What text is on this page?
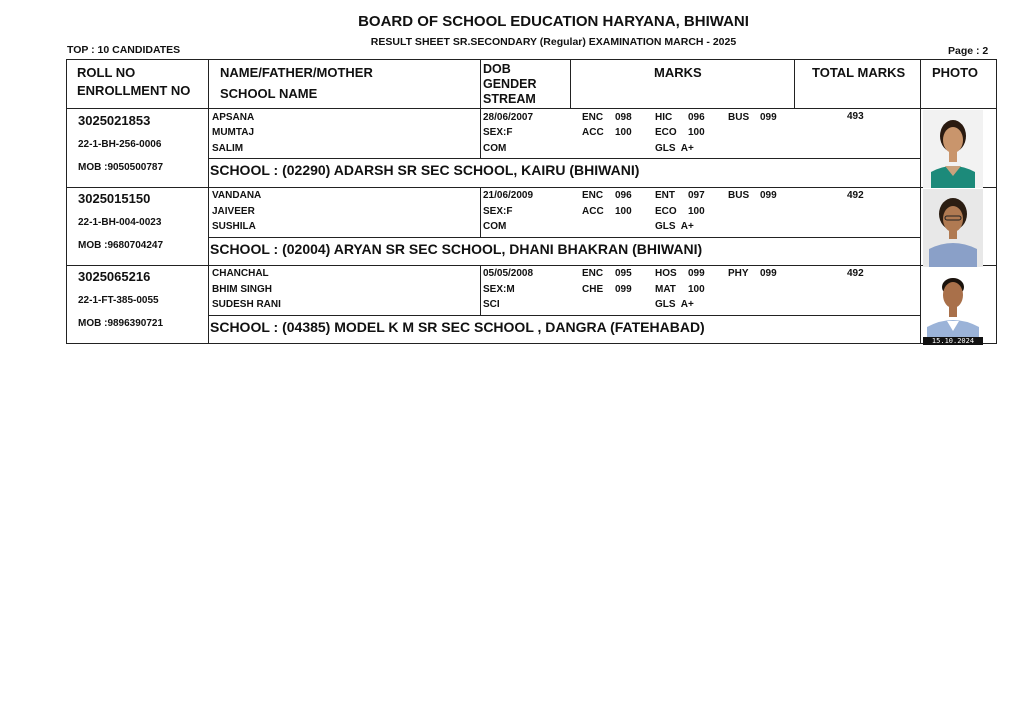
BOARD OF SCHOOL EDUCATION HARYANA, BHIWANI
RESULT SHEET SR.SECONDARY (Regular) EXAMINATION MARCH - 2025
TOP : 10 CANDIDATES	Page : 2
ROLL NO
ENROLLMENT NO
NAME/FATHER/MOTHER
SCHOOL NAME
DOB
GENDER
STREAM
MARKS	TOTAL MARKS PHOTO
3025021853
22-1-BH-256-0006
MOB :9050500787
APSANA
MUMTAJ
SALIM
28/06/2007
SEX:F
COM
ENC 098 HIC 096 BUS 099
ACC 100 ECO 100
GLS  A+
493
SCHOOL : (02290) ADARSH SR SEC SCHOOL, KAIRU (BHIWANI)
3025015150
22-1-BH-004-0023
MOB :9680704247
VANDANA
JAIVEER
SUSHILA
21/06/2009
SEX:F
COM
ENC 096 ENT 097 BUS 099
ACC 100 ECO 100
GLS  A+
492
SCHOOL : (02004) ARYAN SR SEC SCHOOL, DHANI BHAKRAN (BHIWANI)
3025065216
22-1-FT-385-0055
MOB :9896390721
CHANCHAL
BHIM SINGH
SUDESH RANI
05/05/2008
SEX:M
SCI
ENC 095 HOS 099 PHY 099
CHE 099 MAT 100
GLS  A+
492
SCHOOL : (04385) MODEL K M SR SEC SCHOOL , DANGRA (FATEHABAD)
15.10.2024
